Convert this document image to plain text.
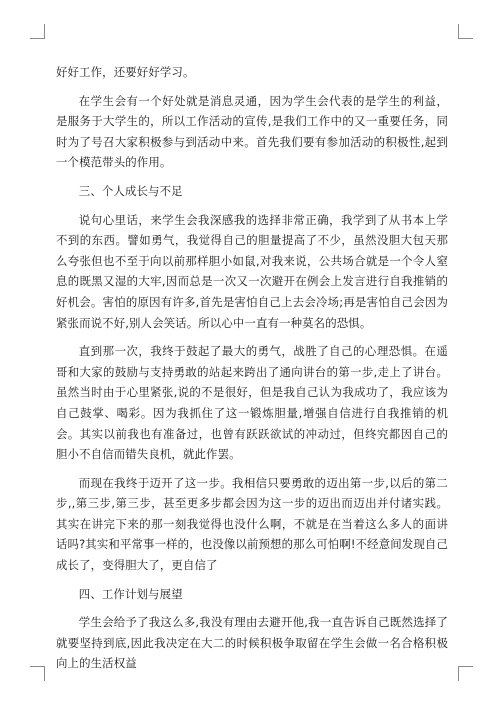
好好工作，还要好好学习。

在学生会有一个好处就是消息灵通，因为学生会代表的是学生的利益，是服务于大学生的，所以工作活动的宣传,是我们工作中的又一重要任务，同时为了号召大家积极参与到活动中来。首先我们要有参加活动的积极性,起到一个模范带头的作用。

三、个人成长与不足

说句心里话，来学生会我深感我的选择非常正确，我学到了从书本上学不到的东西。譬如勇气，我觉得自己的胆量提高了不少，虽然没胆大包天那么夸张但也不至于向以前那样胆小如鼠,对我来说，公共场合就是一个令人窒息的既黑又湿的大牢,因而总是一次又一次避开在例会上发言进行自我推销的好机会。害怕的原因有许多,首先是害怕自己上去会冷场;再是害怕自己会因为紧张而说不好,别人会笑话。所以心中一直有一种莫名的恐惧。

直到那一次，我终于鼓起了最大的勇气，战胜了自己的心理恐惧。在遥哥和大家的鼓励与支持勇敢的站起来跨出了通向讲台的第一步,走上了讲台。虽然当时由于心里紧张,说的不是很好，但是我自己认为我成功了，我应该为自己鼓掌、喝彩。因为我抓住了这一锻炼胆量,增强自信进行自我推销的机会。其实以前我也有准备过，也曾有跃跃欲试的冲动过，但终究都因自己的胆小不自信而错失良机，就此作罢。

而现在我终于迈开了这一步。我相信只要勇敢的迈出第一步,以后的第二步,,第三步,第三步，甚至更多步都会因为这一步的迈出而迈出并付诸实践。其实在讲完下来的那一刻我觉得也没什么啊，不就是在当着这么多人的面讲话吗?其实和平常事一样的，也没像以前预想的那么可怕啊!不经意间发现自己成长了，变得胆大了，更自信了

四、工作计划与展望

学生会给予了我这么多,我没有理由去避开他,我一直告诉自己既然选择了就要坚持到底,因此我决定在大二的时候积极争取留在学生会做一名合格积极向上的生活权益
